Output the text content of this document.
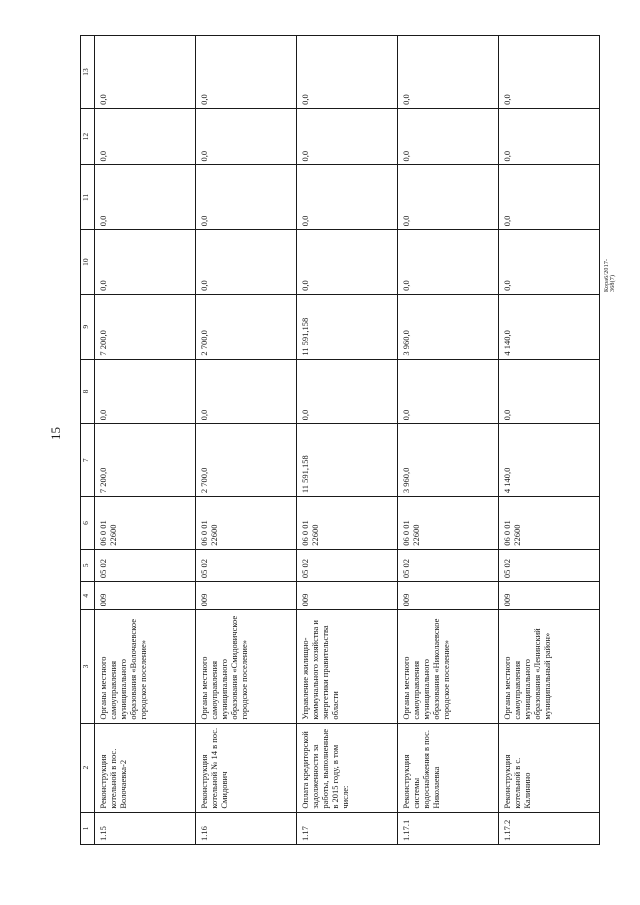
15
Кора6/2017-368(7)
1	2	3	4	5	6	7	8	9	10	11	12	13
1.15	Реконструкция котельной в пос. Волочаевка-2	Органы местного самоуправления муниципального образования «Волочаевское городское поселение»	009	05 02	06 0 01 22600	7 200,0	0,0	7 200,0	0,0	0,0	0,0	0,0
1.16	Реконструкция котельной № 14 в пос. Смидович	Органы местного самоуправления муниципального образования «Смидовичское городское поселение»	009	05 02	06 0 01 22600	2 700,0	0,0	2 700,0	0,0	0,0	0,0	0,0
1.17	Оплата кредиторской задолженности за работы, выполненные в 2015 году, в том числе:	Управление жилищно-коммунального хозяйства и энергетики правительства области	009	05 02	06 0 01 22600	11 591,158	0,0	11 591,158	0,0	0,0	0,0	0,0
1.17.1	Реконструкция системы водоснабжения в пос. Николаевка	Органы местного самоуправления муниципального образования «Николаевское городское поселение»	009	05 02	06 0 01 22600	3 960,0	0,0	3 960,0	0,0	0,0	0,0	0,0
1.17.2	Реконструкция котельной в с. Калинино	Органы местного самоуправления муниципального образования «Ленинский муниципальный район»	009	05 02	06 0 01 22600	4 140,0	0,0	4 140,0	0,0	0,0	0,0	0,0
